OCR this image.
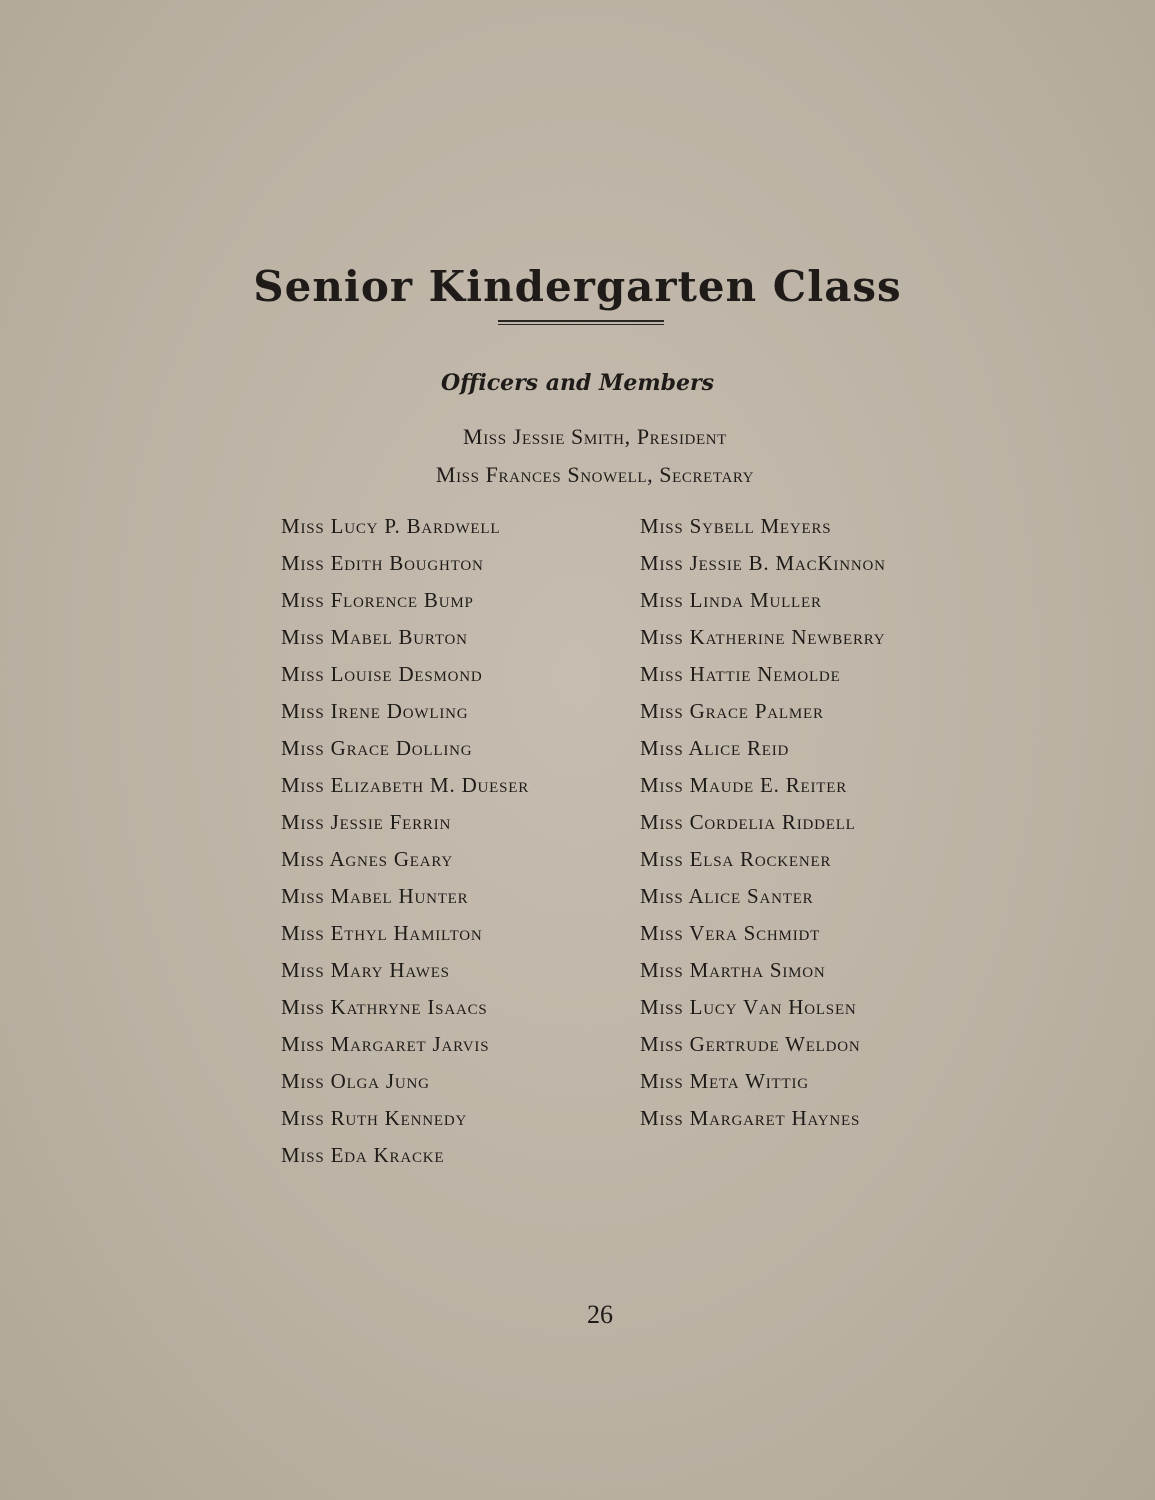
Senior Kindergarten Class
Officers and Members
Miss Jessie Smith, President
Miss Frances Snowell, Secretary
Miss Lucy P. Bardwell
Miss Edith Boughton
Miss Florence Bump
Miss Mabel Burton
Miss Louise Desmond
Miss Irene Dowling
Miss Grace Dolling
Miss Elizabeth M. Dueser
Miss Jessie Ferrin
Miss Agnes Geary
Miss Mabel Hunter
Miss Ethyl Hamilton
Miss Mary Hawes
Miss Kathryne Isaacs
Miss Margaret Jarvis
Miss Olga Jung
Miss Ruth Kennedy
Miss Eda Kracke
Miss Sybell Meyers
Miss Jessie B. MacKinnon
Miss Linda Muller
Miss Katherine Newberry
Miss Hattie Nemolde
Miss Grace Palmer
Miss Alice Reid
Miss Maude E. Reiter
Miss Cordelia Riddell
Miss Elsa Rockener
Miss Alice Santer
Miss Vera Schmidt
Miss Martha Simon
Miss Lucy Van Holsen
Miss Gertrude Weldon
Miss Meta Wittig
Miss Margaret Haynes
26
